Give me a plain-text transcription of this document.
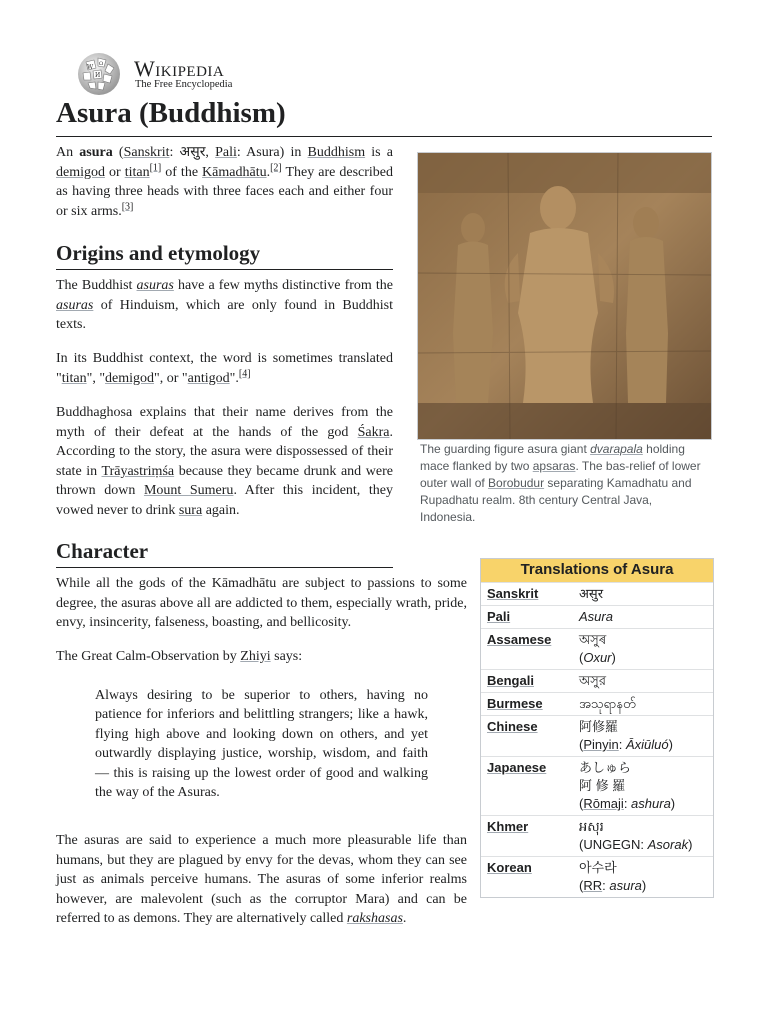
W Ω
И Wikipedia
The Free Encyclopedia
Asura (Buddhism)

An asura (Sanskrit: असुर, Pali: Asura) in Buddhism is a demigod or titan[1] of the Kāmadhātu.[2] They are described as having three heads with three faces each and either four or six arms.[3]

Origins and etymology

The Buddhist asuras have a few myths distinctive from the asuras of Hinduism, which are only found in Buddhist texts.

In its Buddhist context, the word is sometimes translated "titan", "demigod", or "antigod".[4]

Buddhaghosa explains that their name derives from the myth of their defeat at the hands of the god Śakra. According to the story, the asura were dispossessed of their state in Trāyastriṃśa because they became drunk and were thrown down Mount Sumeru. After this incident, they vowed never to drink sura again.

The guarding figure asura giant dvarapala holding mace flanked by two apsaras. The bas-relief of lower outer wall of Borobudur separating Kamadhatu and Rupadhatu realm. 8th century Central Java, Indonesia.
Character

While all the gods of the Kāmadhātu are subject to passions to some degree, the asuras above all are addicted to them, especially wrath, pride, envy, insincerity, falseness, boasting, and bellicosity.

The Great Calm-Observation by Zhiyi says:

Always desiring to be superior to others, having no patience for inferiors and belittling strangers; like a hawk, flying high above and looking down on others, and yet outwardly displaying justice, worship, wisdom, and faith — this is raising up the lowest order of good and walking the way of the Asuras.

The asuras are said to experience a much more pleasurable life than humans, but they are plagued by envy for the devas, whom they can see just as animals perceive humans. The asuras of some inferior realms however, are malevolent (such as the corruptor Mara) and can be referred to as demons. They are alternatively called rakshasas.

Translations of Asura
Sanskrit	असुर
Pali	Asura
Assamese	অসুৰ
(Oxur)
Bengali	অসুর
Burmese	အသုရာနတ်
Chinese	阿修羅
(Pinyin: Āxiūluó)
Japanese	あしゅら
阿 修 羅
(Rōmaji: ashura)
Khmer	អសុរ
(UNGEGN: Asorak)
Korean	아수라
(RR: asura)
